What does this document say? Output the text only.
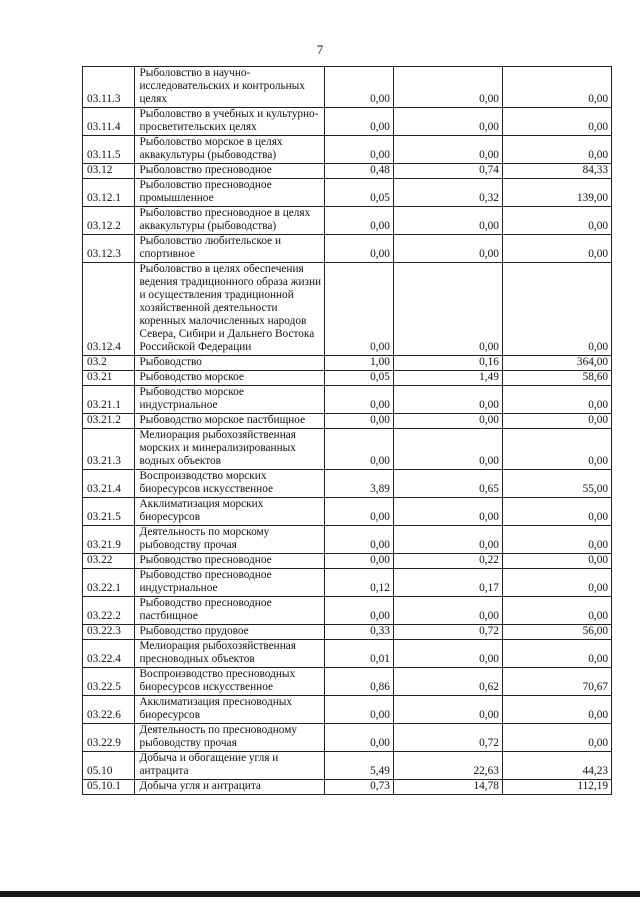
7
03.11.3	Рыболовство в научно-исследовательских и контрольных целях	0,00	0,00	0,00
03.11.4	Рыболовство в учебных и культурно-просветительских целях	0,00	0,00	0,00
03.11.5	Рыболовство морское в целях аквакультуры (рыбоводства)	0,00	0,00	0,00
03.12	Рыболовство пресноводное	0,48	0,74	84,33
03.12.1	Рыболовство пресноводное промышленное	0,05	0,32	139,00
03.12.2	Рыболовство пресноводное в целях аквакультуры (рыбоводства)	0,00	0,00	0,00
03.12.3	Рыболовство любительское и спортивное	0,00	0,00	0,00
03.12.4	Рыболовство в целях обеспечения ведения традиционного образа жизни и осуществления традиционной хозяйственной деятельности коренных малочисленных народов Севера, Сибири и Дальнего Востока Российской Федерации	0,00	0,00	0,00
03.2	Рыбоводство	1,00	0,16	364,00
03.21	Рыбоводство морское	0,05	1,49	58,60
03.21.1	Рыбоводство морское индустриальное	0,00	0,00	0,00
03.21.2	Рыбоводство морское пастбищное	0,00	0,00	0,00
03.21.3	Мелиорация рыбохозяйственная морских и минерализированных водных объектов	0,00	0,00	0,00
03.21.4	Воспроизводство морских биоресурсов искусственное	3,89	0,65	55,00
03.21.5	Акклиматизация морских биоресурсов	0,00	0,00	0,00
03.21.9	Деятельность по морскому рыбоводству прочая	0,00	0,00	0,00
03.22	Рыбоводство пресноводное	0,00	0,22	0,00
03.22.1	Рыбоводство пресноводное индустриальное	0,12	0,17	0,00
03.22.2	Рыбоводство пресноводное пастбищное	0,00	0,00	0,00
03.22.3	Рыбоводство прудовое	0,33	0,72	56,00
03.22.4	Мелиорация рыбохозяйственная пресноводных объектов	0,01	0,00	0,00
03.22.5	Воспроизводство пресноводных биоресурсов искусственное	0,86	0,62	70,67
03.22.6	Акклиматизация пресноводных биоресурсов	0,00	0,00	0,00
03.22.9	Деятельность по пресноводному рыбоводству прочая	0,00	0,72	0,00
05.10	Добыча и обогащение угля и антрацита	5,49	22,63	44,23
05.10.1	Добыча угля и антрацита	0,73	14,78	112,19
